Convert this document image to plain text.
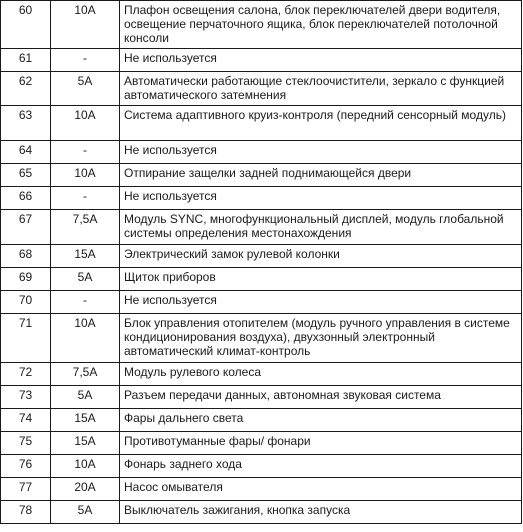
60	10A	Плафон освещения салона, блок переключателей двери водителя, освещение перчаточного ящика, блок переключателей потолочной консоли
61	-	Не используется
62	5A	Автоматически работающие стеклоочистители, зеркало с функцией автоматического затемнения
63	10A	Система адаптивного круиз-контроля (передний сенсорный модуль)
64	-	Не используется
65	10A	Отпирание защелки задней поднимающейся двери
66	-	Не используется
67	7,5A	Модуль SYNC, многофункциональный дисплей, модуль глобальной системы определения местонахождения
68	15A	Электрический замок рулевой колонки
69	5A	Щиток приборов
70	-	Не используется
71	10A	Блок управления отопителем (модуль ручного управления в системе кондиционирования воздуха), двухзонный электронный автоматический климат-контроль
72	7,5A	Модуль рулевого колеса
73	5A	Разъем передачи данных, автономная звуковая система
74	15A	Фары дальнего света
75	15A	Противотуманные фары/ фонари
76	10A	Фонарь заднего хода
77	20A	Насос омывателя
78	5A	Выключатель зажигания, кнопка запуска
